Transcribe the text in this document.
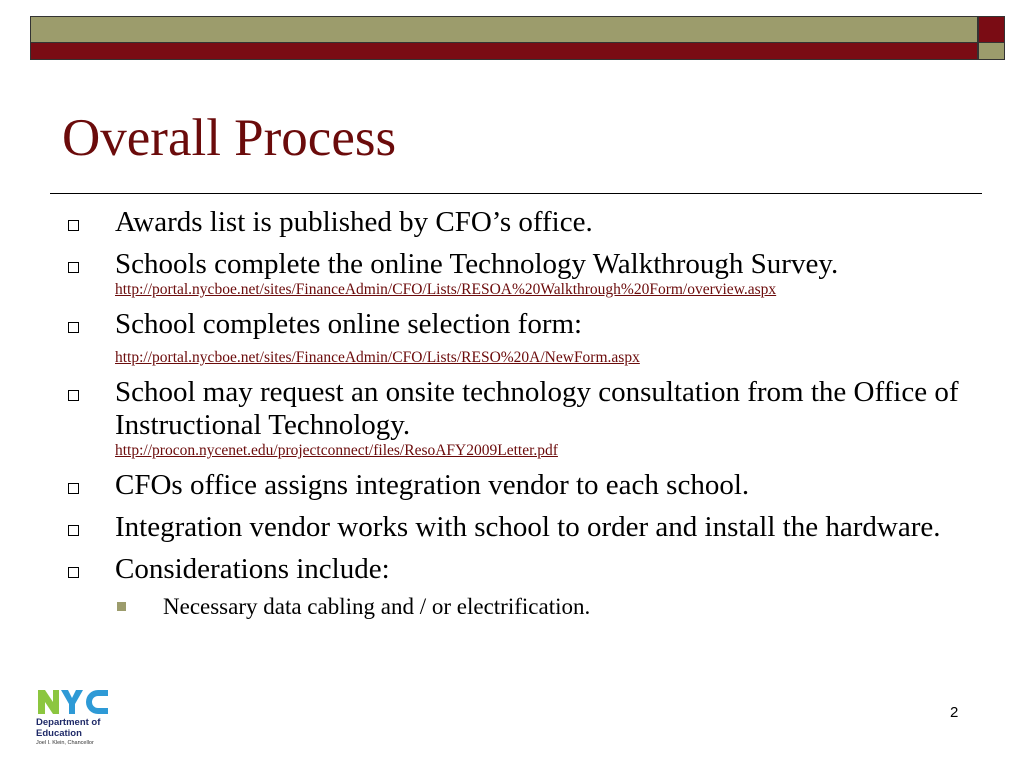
Overall Process
Awards list is published by CFO’s office.
Schools complete the online Technology Walkthrough Survey.
http://portal.nycboe.net/sites/FinanceAdmin/CFO/Lists/RESOA%20Walkthrough%20Form/overview.aspx
School completes online selection form:
http://portal.nycboe.net/sites/FinanceAdmin/CFO/Lists/RESO%20A/NewForm.aspx
School may request an onsite technology consultation from the Office of Instructional Technology.
http://procon.nycenet.edu/projectconnect/files/ResoAFY2009Letter.pdf
CFOs office assigns integration vendor to each school.
Integration vendor works with school to order and install the hardware.
Considerations include:
Necessary data cabling and / or electrification.
Department of
Education
Joel I. Klein, Chancellor
2
